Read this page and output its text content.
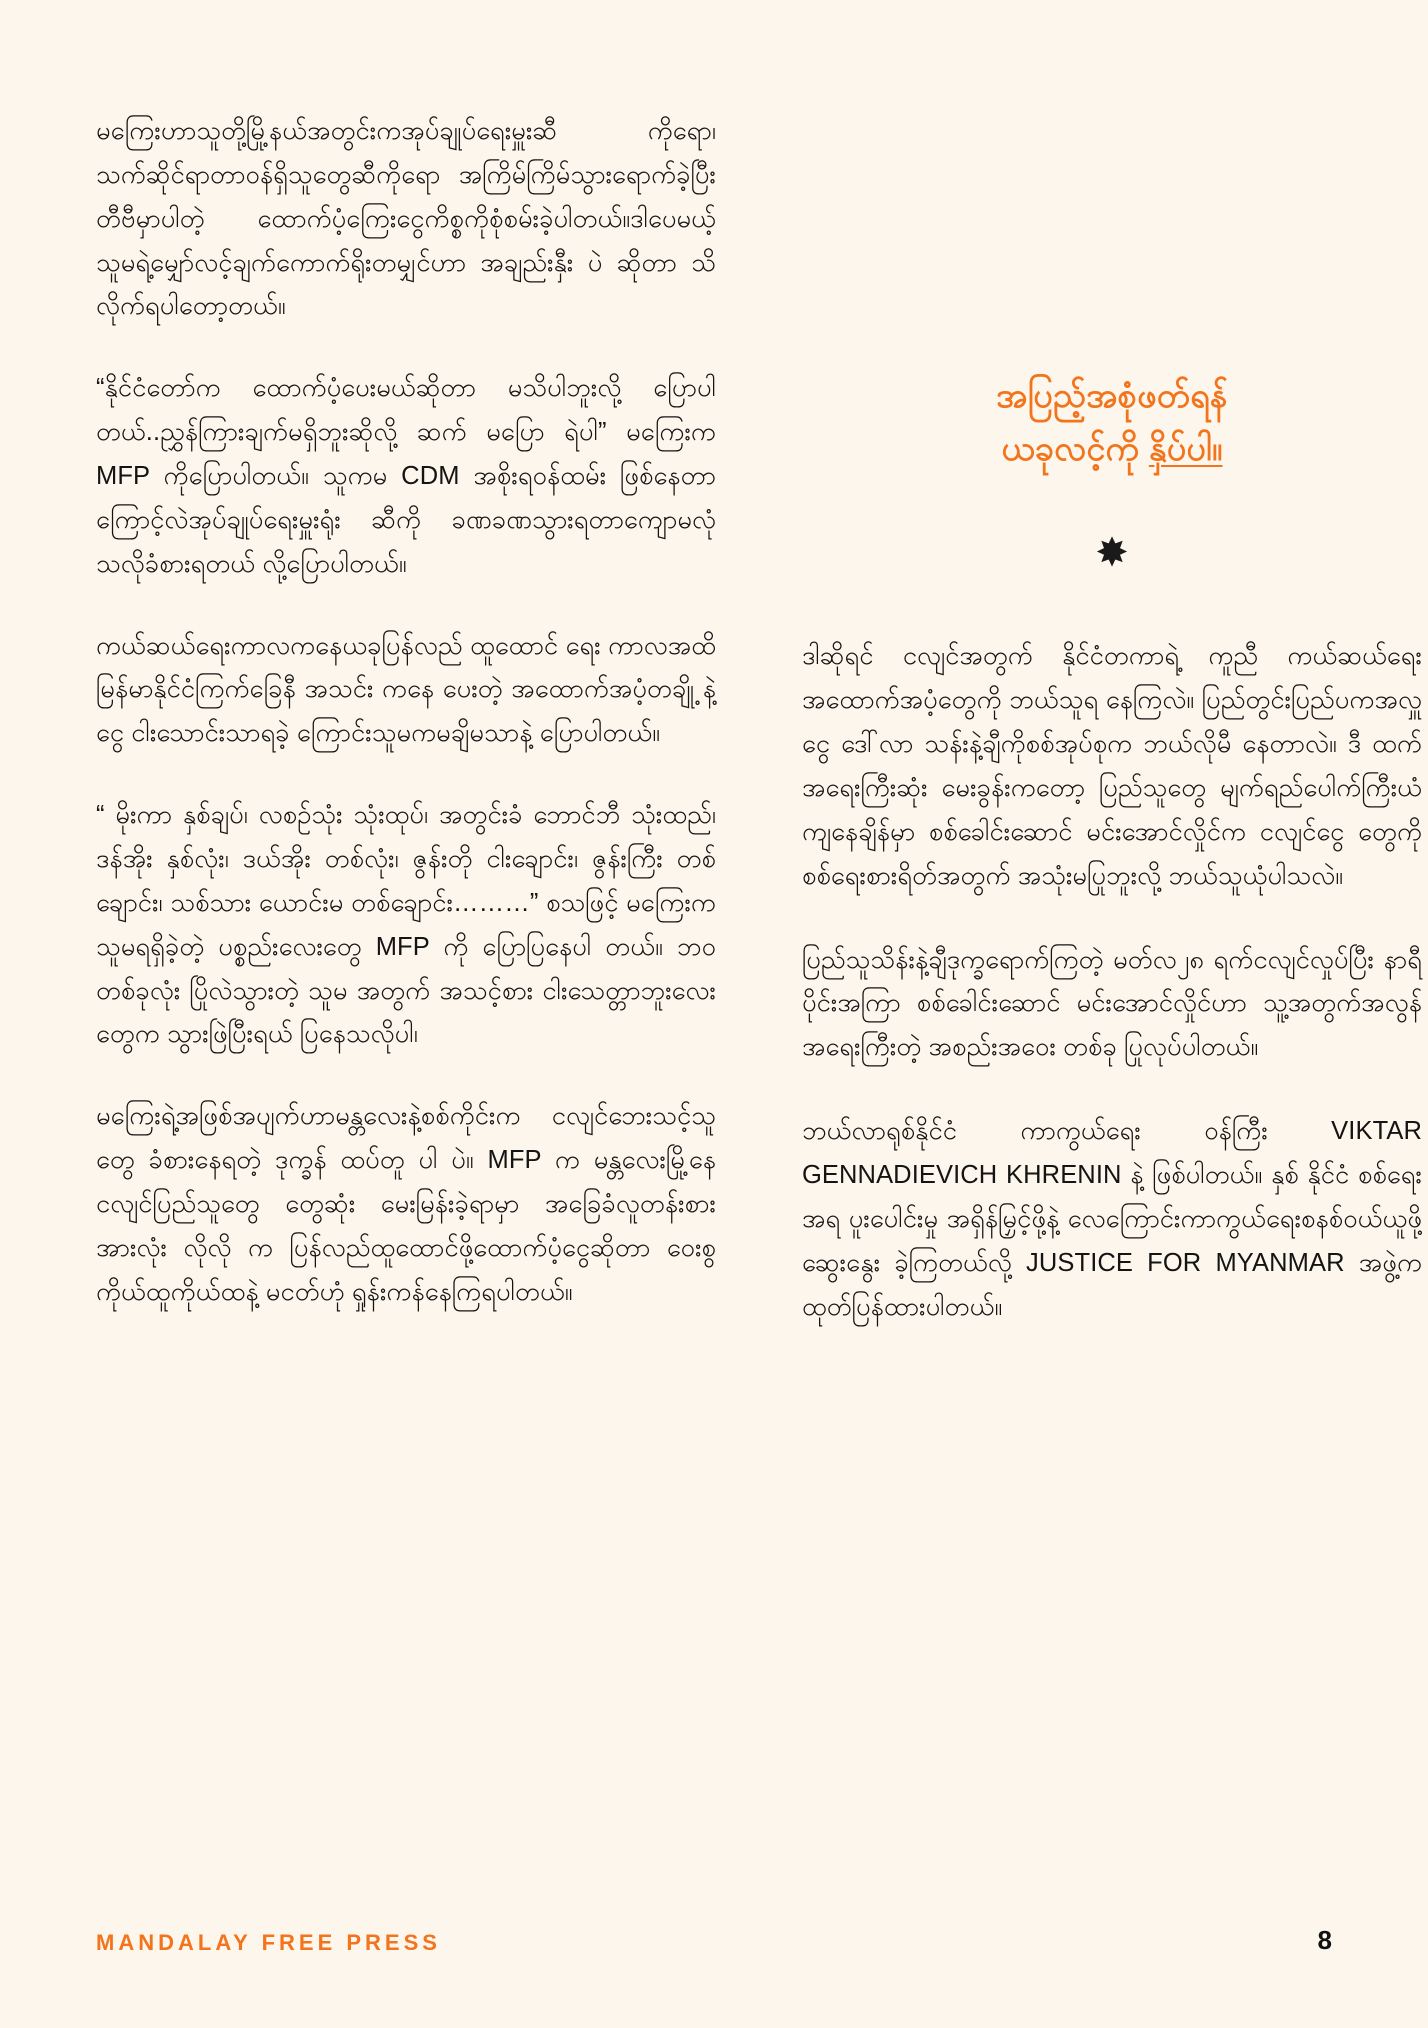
မကြေးဟာသူတို့မြို့နယ်အတွင်းကအုပ်ချုပ်ရေးမှူးဆီ ကိုရော၊သက်ဆိုင်ရာတာဝန်ရှိသူတွေဆီကိုရော အကြိမ်ကြိမ်သွားရောက်ခဲ့ပြီးတီဗီမှာပါတဲ့ ထောက်ပံ့ကြေးငွေကိစ္စကိုစုံစမ်းခဲ့ပါတယ်။ဒါပေမယ့် သူမရဲ့မျှော်လင့်ချက်ကောက်ရိုးတမျှင်ဟာ အချည်းနှီး ပဲ ဆိုတာ သိလိုက်ရပါတော့တယ်။

“နိုင်ငံတော်က ထောက်ပံ့ပေးမယ်ဆိုတာ မသိပါဘူးလို့ ပြောပါတယ်..ညွှန်ကြားချက်မရှိဘူးဆိုလို့ ဆက် မပြော ရဲပါ” မကြေးက MFP ကိုပြောပါတယ်။ သူကမ CDM အစိုးရဝန်ထမ်း ဖြစ်နေတာကြောင့်လဲအုပ်ချုပ်ရေးမှူးရုံး ဆီကို ခဏခဏသွားရတာကျောမလုံသလိုခံစားရတယ် လို့ပြောပါတယ်။

ကယ်ဆယ်ရေးကာလကနေယခုပြန်လည် ထူထောင် ရေး ကာလအထိမြန်မာနိုင်ငံကြက်ခြေနီ အသင်း ကနေ ပေးတဲ့ အထောက်အပံ့တချို့ နဲ့ ငွေ ငါးသောင်းသာရခဲ့ ကြောင်းသူမကမချိမသာနဲ့ ပြောပါတယ်။

“ မိုးကာ နှစ်ချပ်၊ လစဉ်သုံး သုံးထုပ်၊ အတွင်းခံ ဘောင်ဘီ သုံးထည်၊ ဒန်အိုး နှစ်လုံး၊ ဒယ်အိုး တစ်လုံး၊ ဇွန်းတို ငါးချောင်း၊ ဇွန်းကြီး တစ်ချောင်း၊ သစ်သား ယောင်းမ တစ်ချောင်း………” စသဖြင့် မကြေးက သူမရရှိခဲ့တဲ့ ပစ္စည်းလေးတွေ MFP ကို ပြောပြနေပါ တယ်။ ဘဝ တစ်ခုလုံး ပြိုလဲသွားတဲ့ သူမ အတွက် အသင့်စား ငါးသေတ္တာဘူးလေးတွေက သွားဖြဲပြီးရယ် ပြနေသလိုပါ၊

မကြေးရဲ့အဖြစ်အပျက်ဟာမန္တလေးနဲ့စစ်ကိုင်းက ငလျင်ဘေးသင့်သူတွေ ခံစားနေရတဲ့ ဒုက္ခန် ထပ်တူ ပါ ပဲ။ MFP က မန္တလေးမြို့နေ ငလျင်ပြည်သူတွေ တွေဆုံး မေးမြန်းခဲ့ရာမှာ အခြေခံလူတန်းစားအားလုံး လိုလို က ပြန်လည်ထူထောင်ဖို့ထောက်ပံ့ငွေဆိုတာ ဝေးစွ ကိုယ်ထူကိုယ်ထနဲ့ မငတ်ဟုံ ရှုန်းကန်နေကြရပါတယ်။

အပြည့်အစုံဖတ်ရန်
ယခုလင့်ကို နှိပ်ပါ။
✸

ဒါဆိုရင် ငလျင်အတွက် နိုင်ငံတကာရဲ့ ကူညီ ကယ်ဆယ်ရေးအထောက်အပံ့တွေကို ဘယ်သူရ နေကြလဲ။ ပြည်တွင်းပြည်ပကအလှူငွေ ဒေါ်လာ သန်းနဲ့ချီကိုစစ်အုပ်စုက ဘယ်လိုမီ နေတာလဲ။ ဒီ ထက်အရေးကြီးဆုံး မေးခွန်းကတော့ ပြည်သူတွေ မျက်ရည်ပေါက်ကြီးယံကျနေချိန်မှာ စစ်ခေါင်းဆောင် မင်းအောင်လှိုင်က ငလျင်ငွေ တွေကို စစ်ရေးစားရိတ်အတွက် အသုံးမပြုဘူးလို့ ဘယ်သူယုံပါသလဲ။

ပြည်သူသိန်းနဲ့ချီဒုက္ခရောက်ကြတဲ့ မတ်လ၂၈ ရက်ငလျင်လှုပ်ပြီး နာရီပိုင်းအကြာ စစ်ခေါင်းဆောင် မင်းအောင်လှိုင်ဟာ သူ့အတွက်အလွန်အရေးကြီးတဲ့ အစည်းအဝေး တစ်ခု ပြုလုပ်ပါတယ်။

ဘယ်လာရုစ်နိုင်ငံ ကာကွယ်ရေး ဝန်ကြီး VIKTAR GENNADIEVICH KHRENIN နဲ့ ဖြစ်ပါတယ်။ နှစ် နိုင်ငံ စစ်ရေးအရ ပူးပေါင်းမှု အရှိန်မြှင့်ဖို့နဲ့ လေကြောင်းကာကွယ်ရေးစနစ်ဝယ်ယူဖို့ ဆွေးနွေး ခဲ့ကြတယ်လို့ JUSTICE FOR MYANMAR အဖွဲ့က ထုတ်ပြန်ထားပါတယ်။

MANDALAY FREE PRESS	8
